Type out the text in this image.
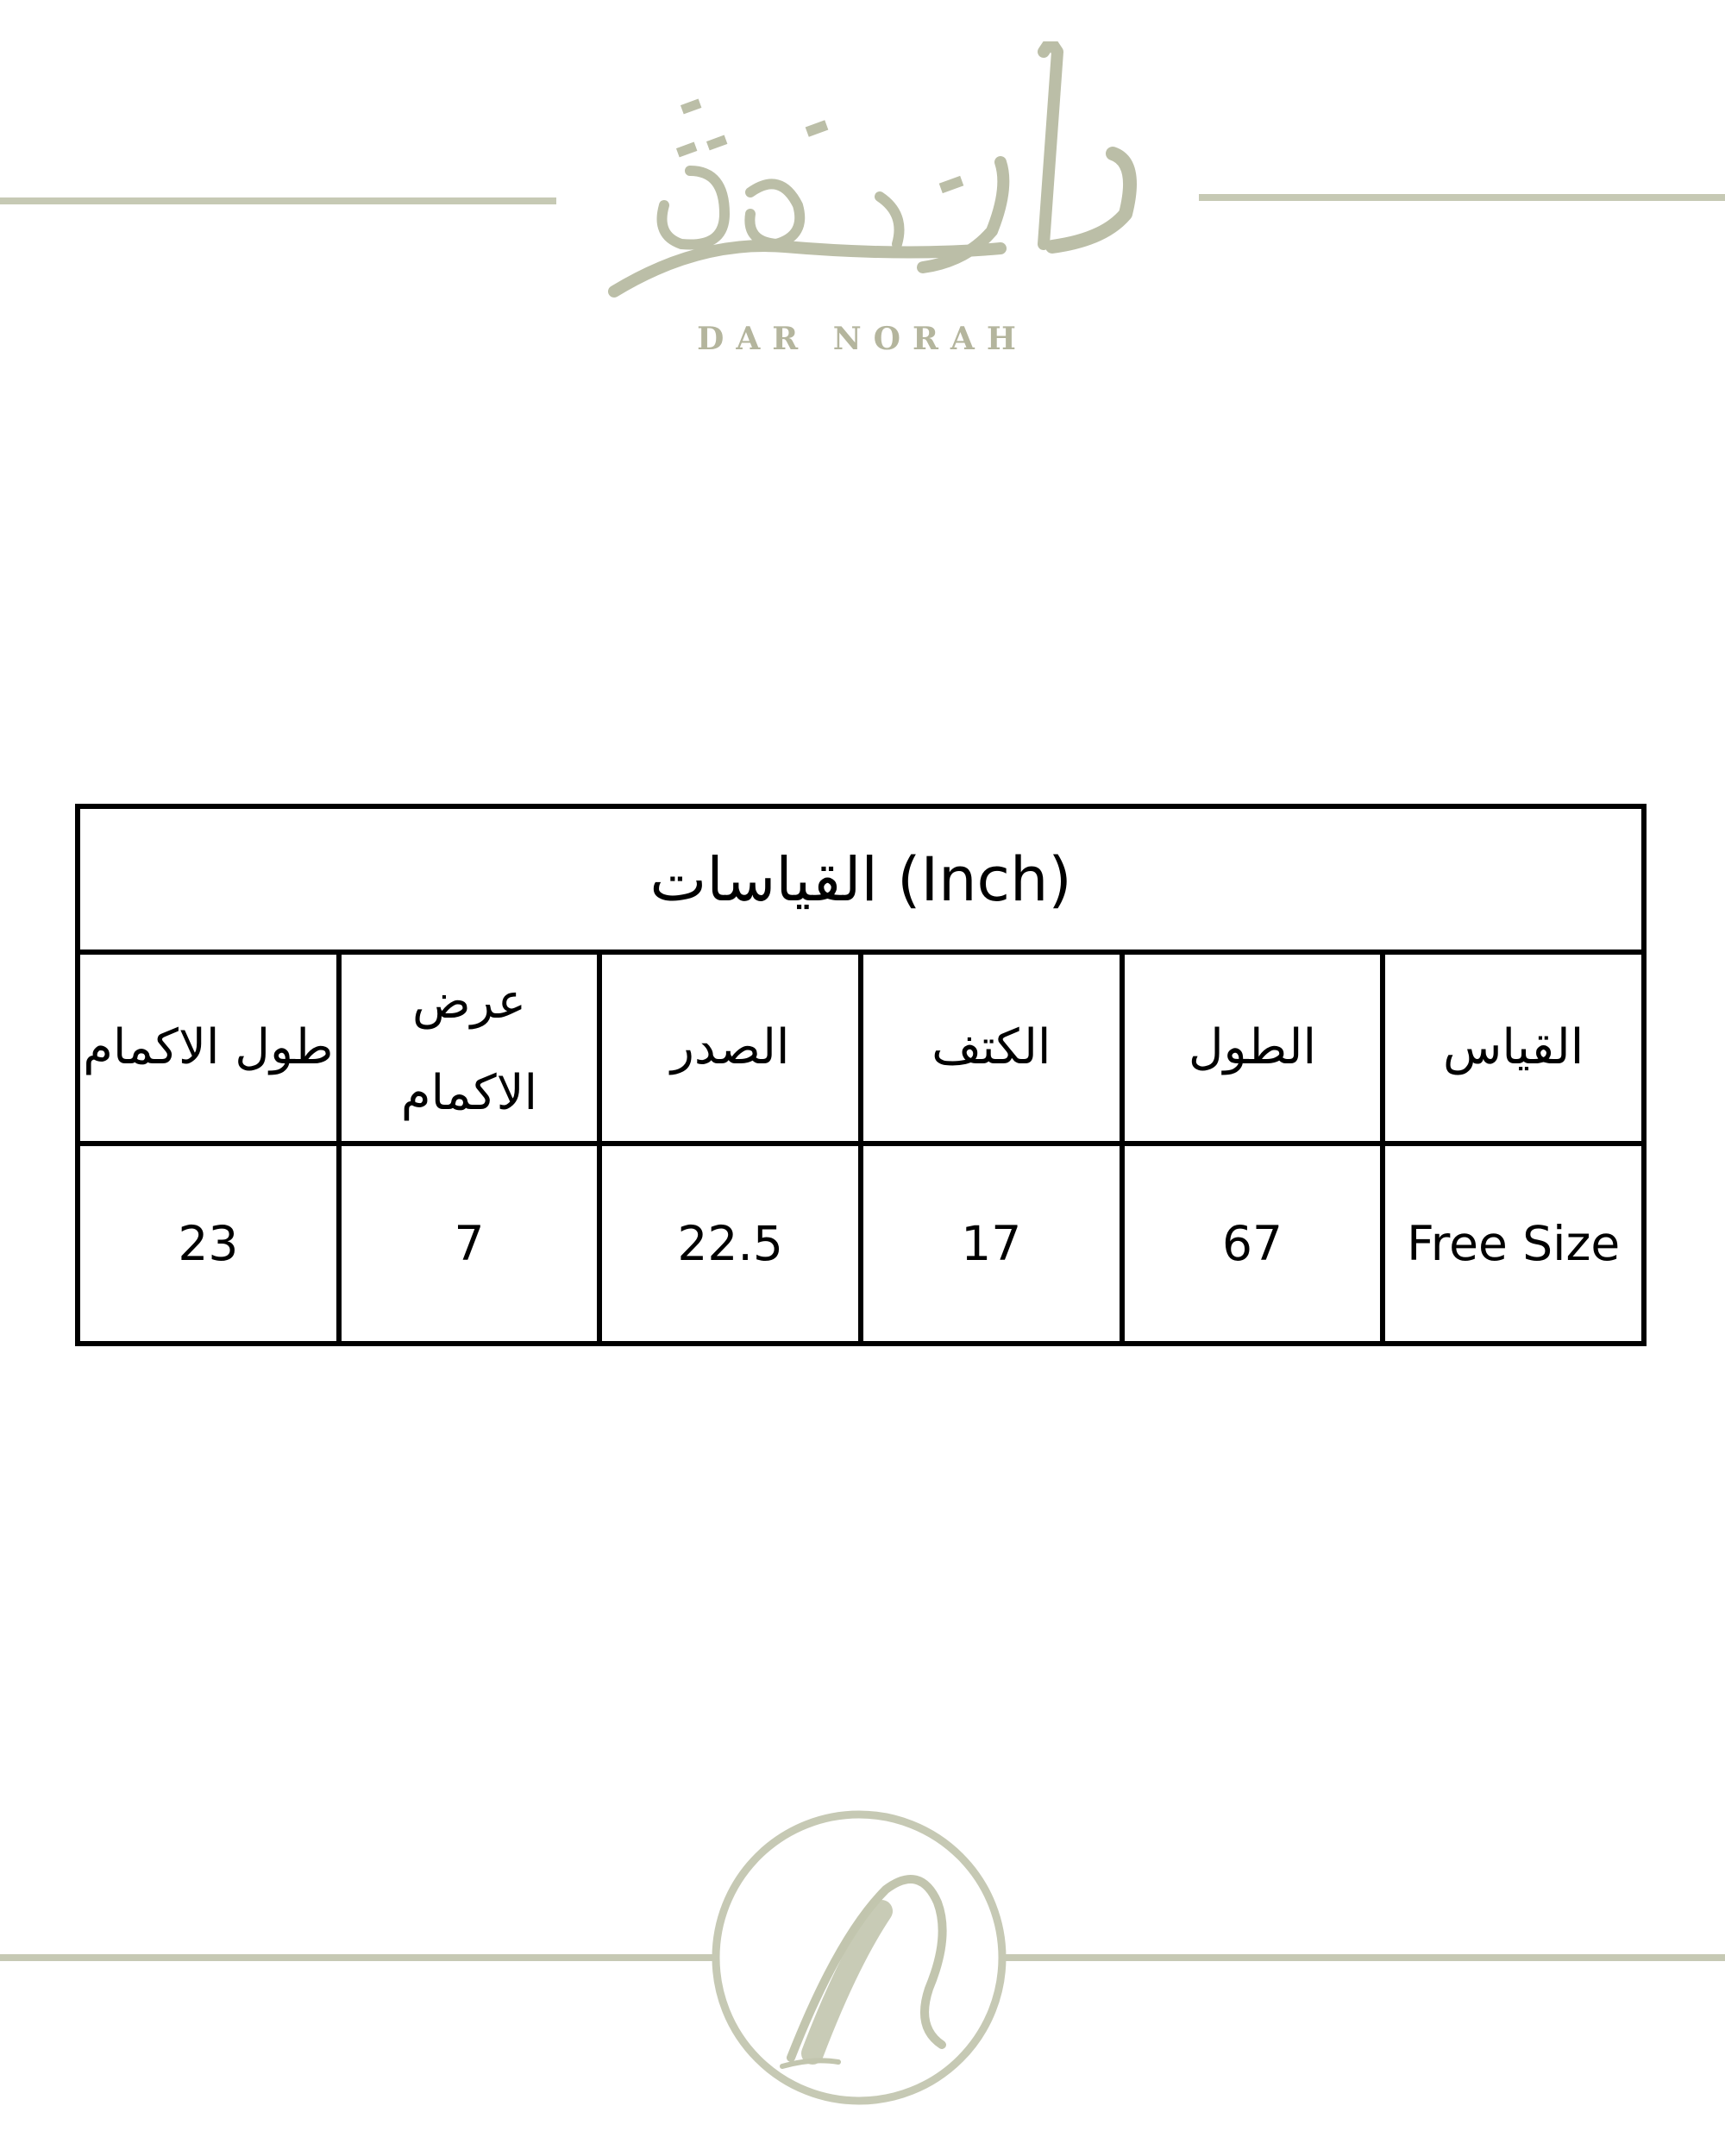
DAR NORAH
القياسات (Inch)					
طول الاكمام	عرض الاكمام	الصدر	الكتف	الطول	القياس
23	7	22.5	17	67	Free Size
